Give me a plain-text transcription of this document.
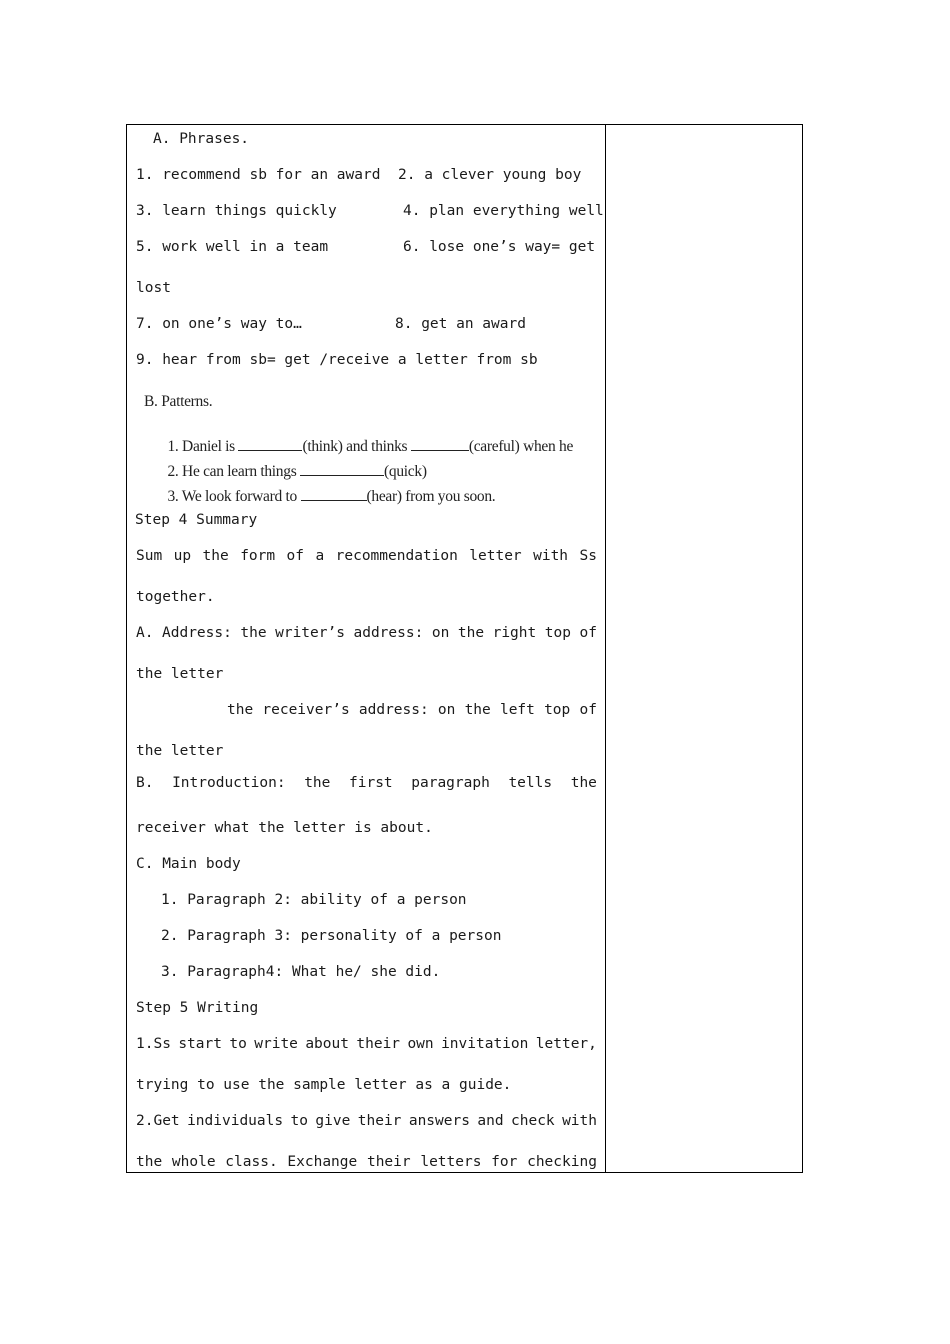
A. Phrases.
1. recommend sb for an award 2. a clever young boy
3. learn things quickly	4. plan everything well
5. work well in a team	6. lose one’s way= get
lost
7. on one’s way to…	8. get an award
9. hear from sb= get /receive a letter from sb
B. Patterns.

1. Daniel is	(think) and thinks	(careful) when he

2. He can learn things	(quick)

3. We look forward to	(hear) from you soon.

Step 4 Summary
Sum up the form of a recommendation letter with Ss
together.
A. Address: the writer’s address: on the right top of
the letter
the receiver’s address: on the left top of
the letter
B. Introduction: the first paragraph tells the
receiver what the letter is about.
C. Main body
1. Paragraph 2: ability of a person
2. Paragraph 3: personality of a person
3. Paragraph4: What he/ she did.
Step 5 Writing
1.Ss start to write about their own invitation letter,
trying to use the sample letter as a guide.
2.Get individuals to give their answers and check with
the whole class. Exchange their letters for checking
